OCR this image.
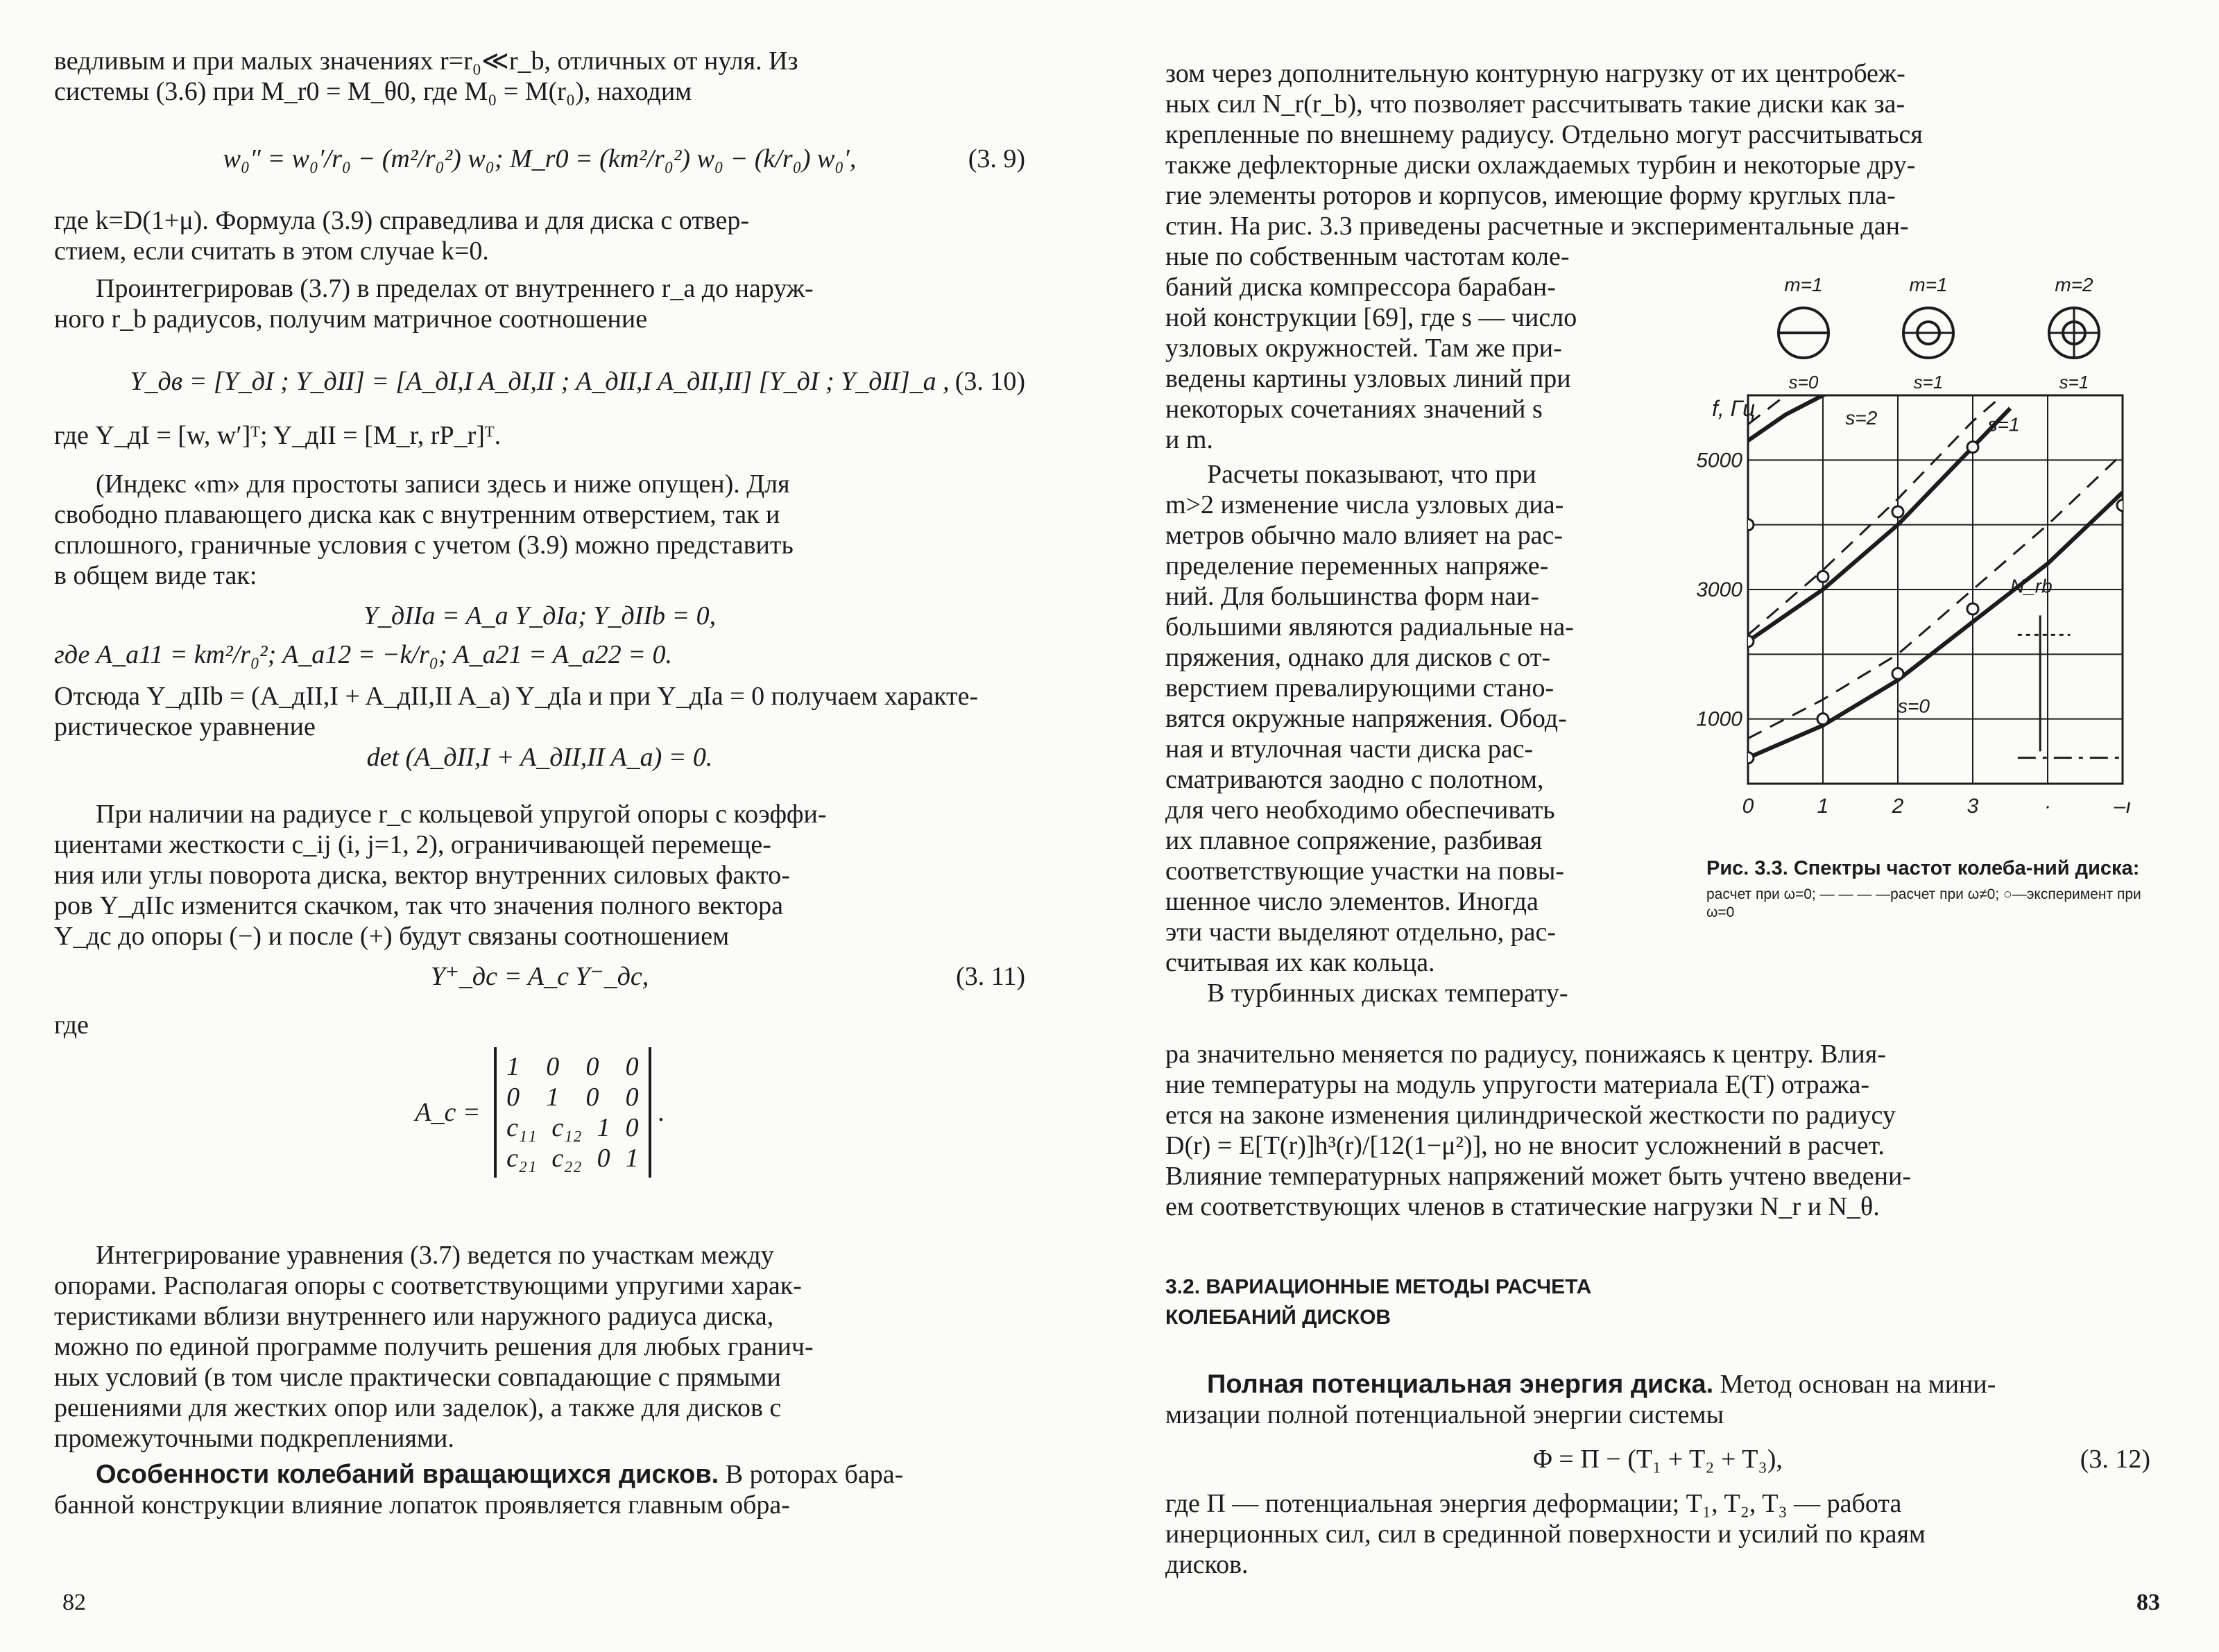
ведливым и при малых значениях r=r₀≪r_b, отличных от нуля. Из

системы (3.6) при M_r0 = M_θ0, где M₀ = M(r₀), находим

w₀″ = w₀′/r₀ − (m²/r₀²) w₀; M_r0 = (km²/r₀²) w₀ − (k/r₀) w₀′,	(3. 9)

где k=D(1+μ). Формула (3.9) справедлива и для диска с отвер-

стием, если считать в этом случае k=0.

Проинтегрировав (3.7) в пределах от внутреннего r_a до наруж-

ного r_b радиусов, получим матричное соотношение

Y_дв = [Y_дI ; Y_дII] = [A_дI,I A_дI,II ; A_дII,I A_дII,II] [Y_дI ; Y_дII]_a , (3. 10)

где Y_дI = [w, w′]ᵀ; Y_дII = [M_r, rP_r]ᵀ.

(Индекс «m» для простоты записи здесь и ниже опущен). Для

свободно плавающего диска как с внутренним отверстием, так и

сплошного, граничные условия с учетом (3.9) можно представить

в общем виде так:

Y_дIIa = A_a Y_дIa; Y_дIIb = 0,

где A_a11 = km²/r₀²; A_a12 = −k/r₀; A_a21 = A_a22 = 0.

Отсюда Y_дIIb = (A_дII,I + A_дII,II A_a) Y_дIa и при Y_дIa = 0 получаем характе-

ристическое уравнение

det (A_дII,I + A_дII,II A_a) = 0.

При наличии на радиусе r_c кольцевой упругой опоры с коэффи-

циентами жесткости c_ij (i, j=1, 2), ограничивающей перемеще-

ния или углы поворота диска, вектор внутренних силовых факто-

ров Y_дIIc изменится скачком, так что значения полного вектора

Y_дc до опоры (−) и после (+) будут связаны соотношением

Y⁺_дc = A_c Y⁻_дc,	(3. 11)

где

A_c =
1 0 0 0
0 1 0 0
c₁₁ c₁₂ 1 0
c₂₁ c₂₂ 0 1
.

Интегрирование уравнения (3.7) ведется по участкам между

опорами. Располагая опоры с соответствующими упругими харак-

теристиками вблизи внутреннего или наружного радиуса диска,

можно по единой программе получить решения для любых гранич-

ных условий (в том числе практически совпадающие с прямыми

решениями для жестких опор или заделок), а также для дисков с

промежуточными подкреплениями.

Особенности колебаний вращающихся дисков. В роторах бара-

банной конструкции влияние лопаток проявляется главным обра-

82

зом через дополнительную контурную нагрузку от их центробеж-

ных сил N_r(r_b), что позволяет рассчитывать такие диски как за-

крепленные по внешнему радиусу. Отдельно могут рассчитываться

также дефлекторные диски охлаждаемых турбин и некоторые дру-

гие элементы роторов и корпусов, имеющие форму круглых пла-

стин. На рис. 3.3 приведены расчетные и экспериментальные дан-

ные по собственным частотам коле-

баний диска компрессора барабан-

ной конструкции [69], где s — число

узловых окружностей. Там же при-

ведены картины узловых линий при

некоторых сочетаниях значений s

и m.

Расчеты показывают, что при

m>2 изменение числа узловых диа-

метров обычно мало влияет на рас-

пределение переменных напряже-

ний. Для большинства форм наи-

большими являются радиальные на-

пряжения, однако для дисков с от-

верстием превалирующими стано-

вятся окружные напряжения. Обод-

ная и втулочная части диска рас-

сматриваются заодно с полотном,

для чего необходимо обеспечивать

их плавное сопряжение, разбивая

соответствующие участки на повы-

шенное число элементов. Иногда

эти части выделяют отдельно, рас-

считывая их как кольца.

В турбинных дисках температу-

m=1
s=0
m=1
s=1
m=2
s=1
1000
3000
5000
0	1	2	3	·	–ı
f, Гц	s=2	s=1
s=0
N_rb
Рис. 3.3. Спектры частот колеба-ний диска:
расчет при ω=0; — — — —расчет при ω≠0; ○—эксперимент при ω=0

ра значительно меняется по радиусу, понижаясь к центру. Влия-

ние температуры на модуль упругости материала E(T) отража-

ется на законе изменения цилиндрической жесткости по радиусу

D(r) = E[T(r)]h³(r)/[12(1−μ²)], но не вносит усложнений в расчет.

Влияние температурных напряжений может быть учтено введени-

ем соответствующих членов в статические нагрузки N_r и N_θ.

3.2. ВАРИАЦИОННЫЕ МЕТОДЫ РАСЧЕТА
КОЛЕБАНИЙ ДИСКОВ

Полная потенциальная энергия диска. Метод основан на мини-

мизации полной потенциальной энергии системы

Φ = Π − (T₁ + T₂ + T₃),	(3. 12)

где Π — потенциальная энергия деформации; T₁, T₂, T₃ — работа

инерционных сил, сил в срединной поверхности и усилий по краям

дисков.

83
